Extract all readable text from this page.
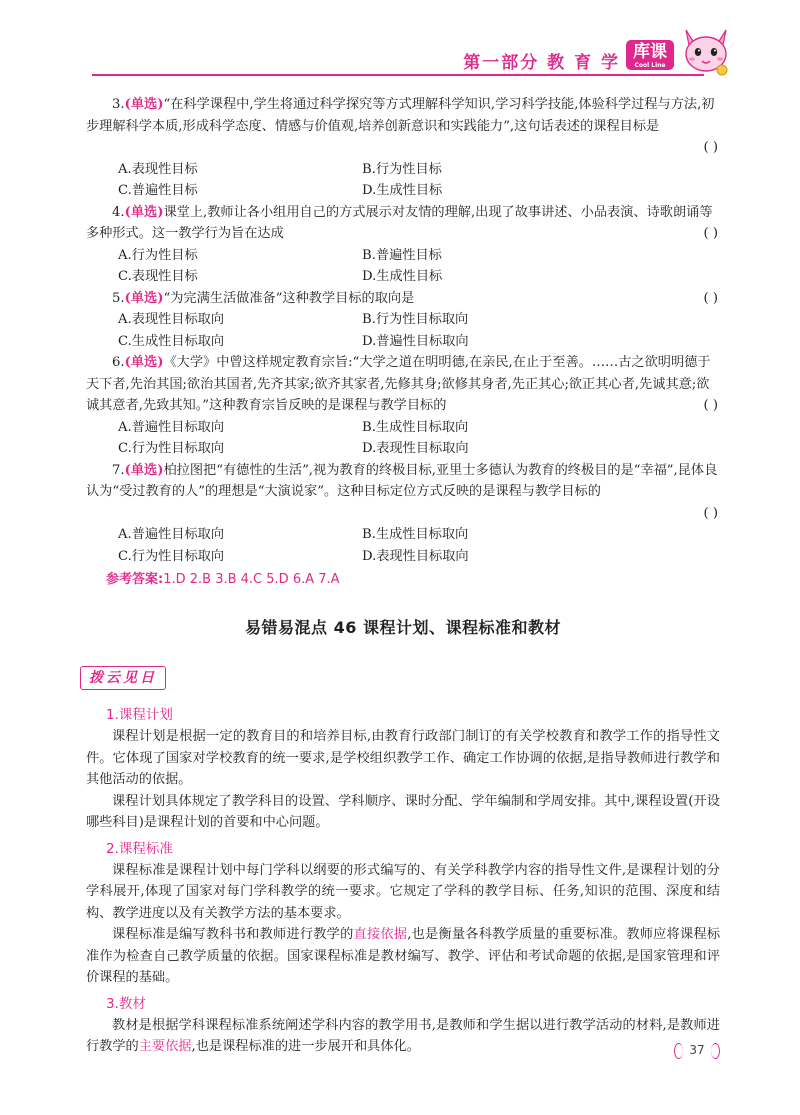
第一部分 教 育 学
库课
Cool Line

3.(单选)“在科学课程中,学生将通过科学探究等方式理解科学知识,学习科学技能,体验科学过程与方法,初步理解科学本质,形成科学态度、情感与价值观,培养创新意识和实践能力”,这句话表述的课程目标是

( )
A.表现性目标	B.行为性目标
C.普遍性目标	D.生成性目标

4.(单选)课堂上,教师让各小组用自己的方式展示对友情的理解,出现了故事讲述、小品表演、诗歌朗诵等多种形式。这一教学行为旨在达成	( )

A.行为性目标	B.普遍性目标
C.表现性目标	D.生成性目标

5.(单选)“为完满生活做准备”这种教学目标的取向是	( )

A.表现性目标取向	B.行为性目标取向
C.生成性目标取向	D.普遍性目标取向

6.(单选)《大学》中曾这样规定教育宗旨:“大学之道在明明德,在亲民,在止于至善。……古之欲明明德于天下者,先治其国;欲治其国者,先齐其家;欲齐其家者,先修其身;欲修其身者,先正其心;欲正其心者,先诚其意;欲诚其意者,先致其知。”这种教育宗旨反映的是课程与教学目标的	( )

A.普遍性目标取向	B.生成性目标取向
C.行为性目标取向	D.表现性目标取向

7.(单选)柏拉图把“有德性的生活”,视为教育的终极目标,亚里士多德认为教育的终极目的是“幸福”,昆体良认为“受过教育的人”的理想是“大演说家”。这种目标定位方式反映的是课程与教学目标的

( )
A.普遍性目标取向	B.生成性目标取向
C.行为性目标取向	D.表现性目标取向
参考答案:1.D 2.B 3.B 4.C 5.D 6.A 7.A
易错易混点 46 课程计划、课程标准和教材
拨云见日
1.课程计划

课程计划是根据一定的教育目的和培养目标,由教育行政部门制订的有关学校教育和教学工作的指导性文件。它体现了国家对学校教育的统一要求,是学校组织教学工作、确定工作协调的依据,是指导教师进行教学和其他活动的依据。

课程计划具体规定了教学科目的设置、学科顺序、课时分配、学年编制和学周安排。其中,课程设置(开设哪些科目)是课程计划的首要和中心问题。

2.课程标准

课程标准是课程计划中每门学科以纲要的形式编写的、有关学科教学内容的指导性文件,是课程计划的分学科展开,体现了国家对每门学科教学的统一要求。它规定了学科的教学目标、任务,知识的范围、深度和结构、教学进度以及有关教学方法的基本要求。

课程标准是编写教科书和教师进行教学的直接依据,也是衡量各科教学质量的重要标准。教师应将课程标准作为检查自己教学质量的依据。国家课程标准是教材编写、教学、评估和考试命题的依据,是国家管理和评价课程的基础。

3.教材

教材是根据学科课程标准系统阐述学科内容的教学用书,是教师和学生据以进行教学活动的材料,是教师进行教学的主要依据,也是课程标准的进一步展开和具体化。	37
